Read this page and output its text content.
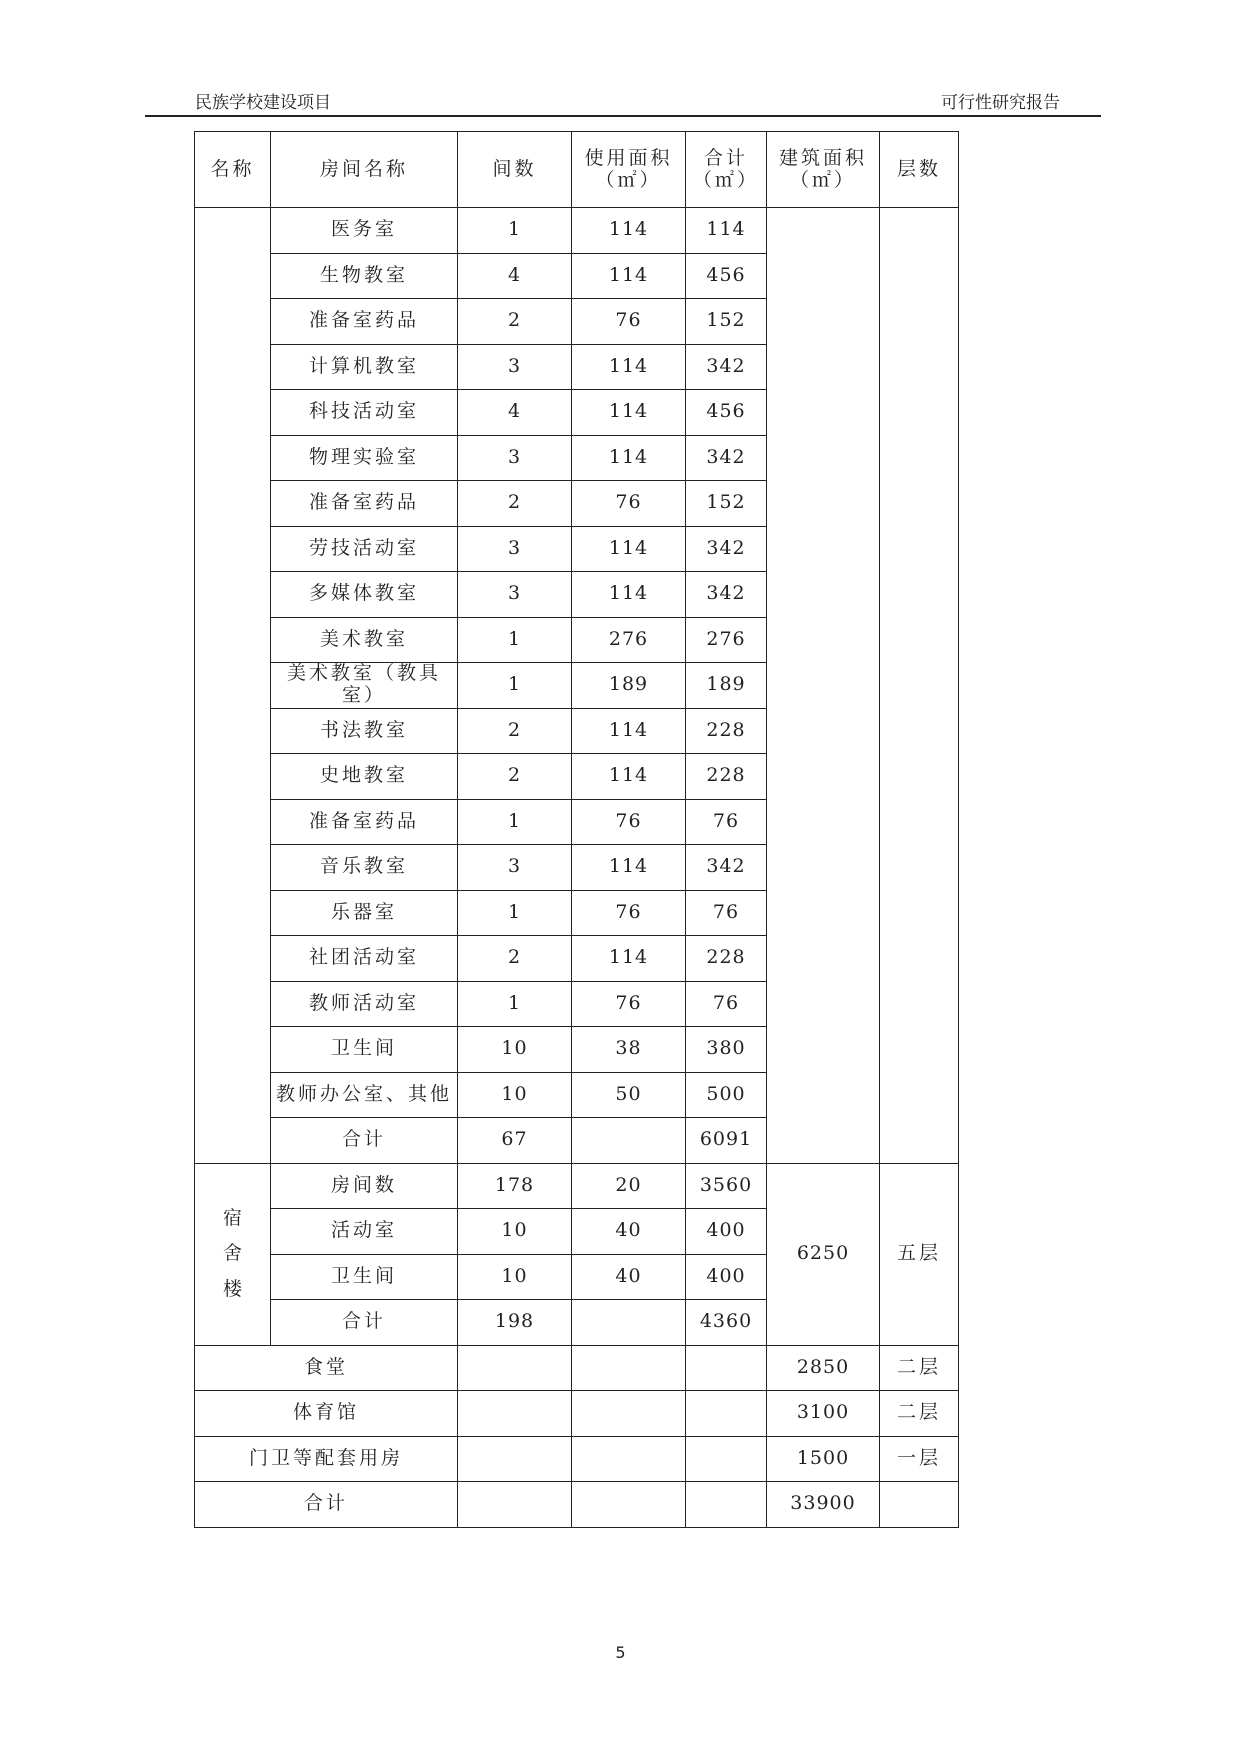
民族学校建设项目	可行性研究报告
名称	房间名称	间数	使用面积（㎡）	合计（㎡）	建筑面积（㎡）	层数
	医务室	1	114	114		
	生物教室	4	114	456		
	准备室药品	2	76	152		
	计算机教室	3	114	342		
	科技活动室	4	114	456		
	物理实验室	3	114	342		
	准备室药品	2	76	152		
	劳技活动室	3	114	342		
	多媒体教室	3	114	342		
	美术教室	1	276	276		
	美术教室（教具室）	1	189	189		
	书法教室	2	114	228		
	史地教室	2	114	228		
	准备室药品	1	76	76		
	音乐教室	3	114	342		
	乐器室	1	76	76		
	社团活动室	2	114	228		
	教师活动室	1	76	76		
	卫生间	10	38	380		
	教师办公室、其他	10	50	500		
	合计	67		6091		

宿
舍
楼	房间数	178	20	3560	6250	五层
	活动室	10	40	400		
	卫生间	10	40	400		
	合计	198		4360		
食堂					2850	二层
体育馆					3100	二层
门卫等配套用房					1500	一层
合计					33900	
5
